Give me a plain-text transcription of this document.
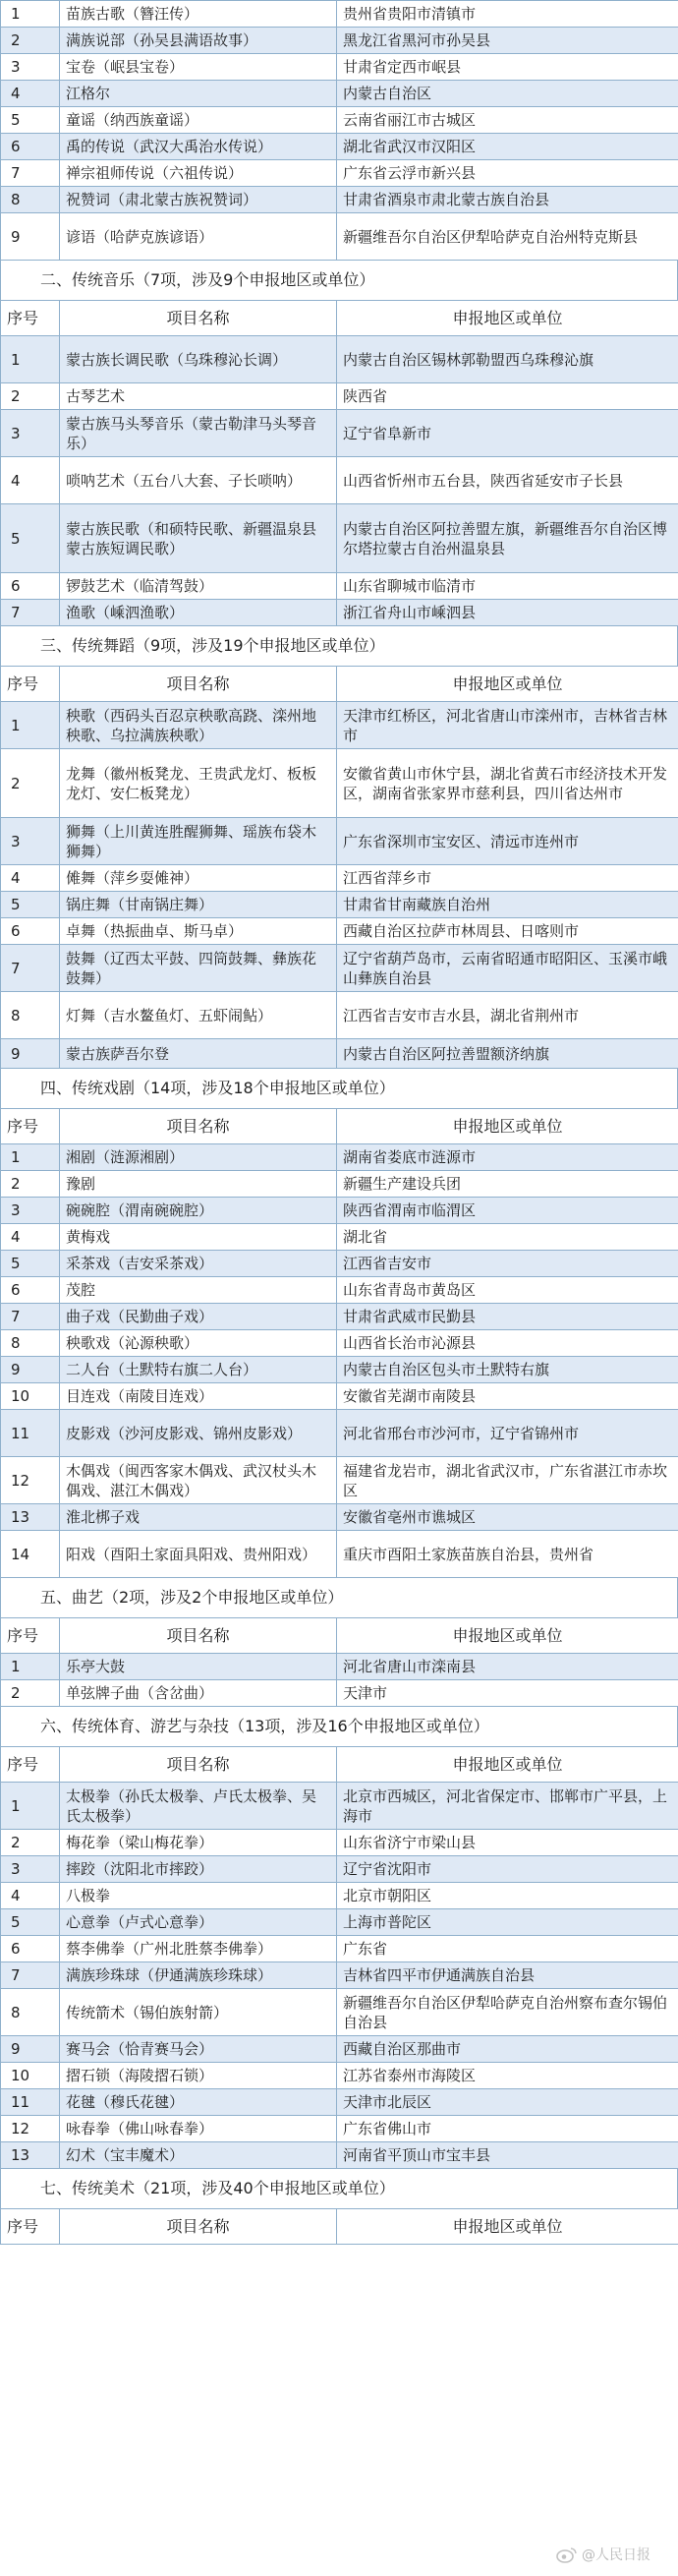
1	苗族古歌（簪汪传）	贵州省贵阳市清镇市
2	满族说部（孙吴县满语故事）	黑龙江省黑河市孙吴县
3	宝卷（岷县宝卷）	甘肃省定西市岷县
4	江格尔	内蒙古自治区
5	童谣（纳西族童谣）	云南省丽江市古城区
6	禹的传说（武汉大禹治水传说）	湖北省武汉市汉阳区
7	禅宗祖师传说（六祖传说）	广东省云浮市新兴县
8	祝赞词（肃北蒙古族祝赞词）	甘肃省酒泉市肃北蒙古族自治县
9	谚语（哈萨克族谚语）	新疆维吾尔自治区伊犁哈萨克自治州特克斯县
二、传统音乐（7项，涉及9个申报地区或单位）
序号	项目名称	申报地区或单位
1	蒙古族长调民歌（乌珠穆沁长调）	内蒙古自治区锡林郭勒盟西乌珠穆沁旗
2	古琴艺术	陕西省
3	蒙古族马头琴音乐（蒙古勒津马头琴音乐）	辽宁省阜新市
4	唢呐艺术（五台八大套、子长唢呐）	山西省忻州市五台县，陕西省延安市子长县
5	蒙古族民歌（和硕特民歌、新疆温泉县蒙古族短调民歌）	内蒙古自治区阿拉善盟左旗，新疆维吾尔自治区博尔塔拉蒙古自治州温泉县
6	锣鼓艺术（临清驾鼓）	山东省聊城市临清市
7	渔歌（嵊泗渔歌）	浙江省舟山市嵊泗县
三、传统舞蹈（9项，涉及19个申报地区或单位）
序号	项目名称	申报地区或单位
1	秧歌（西码头百忍京秧歌高跷、滦州地秧歌、乌拉满族秧歌）	天津市红桥区，河北省唐山市滦州市，吉林省吉林市
2	龙舞（徽州板凳龙、王贵武龙灯、板板龙灯、安仁板凳龙）	安徽省黄山市休宁县，湖北省黄石市经济技术开发区，湖南省张家界市慈利县，四川省达州市
3	狮舞（上川黄连胜醒狮舞、瑶族布袋木狮舞）	广东省深圳市宝安区、清远市连州市
4	傩舞（萍乡耍傩神）	江西省萍乡市
5	锅庄舞（甘南锅庄舞）	甘肃省甘南藏族自治州
6	卓舞（热振曲卓、斯马卓）	西藏自治区拉萨市林周县、日喀则市
7	鼓舞（辽西太平鼓、四筒鼓舞、彝族花鼓舞）	辽宁省葫芦岛市，云南省昭通市昭阳区、玉溪市峨山彝族自治县
8	灯舞（吉水鳌鱼灯、五虾闹鲇）	江西省吉安市吉水县，湖北省荆州市
9	蒙古族萨吾尔登	内蒙古自治区阿拉善盟额济纳旗
四、传统戏剧（14项，涉及18个申报地区或单位）
序号	项目名称	申报地区或单位
1	湘剧（涟源湘剧）	湖南省娄底市涟源市
2	豫剧	新疆生产建设兵团
3	碗碗腔（渭南碗碗腔）	陕西省渭南市临渭区
4	黄梅戏	湖北省
5	采茶戏（吉安采茶戏）	江西省吉安市
6	茂腔	山东省青岛市黄岛区
7	曲子戏（民勤曲子戏）	甘肃省武威市民勤县
8	秧歌戏（沁源秧歌）	山西省长治市沁源县
9	二人台（土默特右旗二人台）	内蒙古自治区包头市土默特右旗
10	目连戏（南陵目连戏）	安徽省芜湖市南陵县
11	皮影戏（沙河皮影戏、锦州皮影戏）	河北省邢台市沙河市，辽宁省锦州市
12	木偶戏（闽西客家木偶戏、武汉杖头木偶戏、湛江木偶戏）	福建省龙岩市，湖北省武汉市，广东省湛江市赤坎区
13	淮北梆子戏	安徽省亳州市谯城区
14	阳戏（酉阳土家面具阳戏、贵州阳戏）	重庆市酉阳土家族苗族自治县，贵州省
五、曲艺（2项，涉及2个申报地区或单位）
序号	项目名称	申报地区或单位
1	乐亭大鼓	河北省唐山市滦南县
2	单弦牌子曲（含岔曲）	天津市
六、传统体育、游艺与杂技（13项，涉及16个申报地区或单位）
序号	项目名称	申报地区或单位
1	太极拳（孙氏太极拳、卢氏太极拳、吴氏太极拳）	北京市西城区，河北省保定市、邯郸市广平县，上海市
2	梅花拳（梁山梅花拳）	山东省济宁市梁山县
3	摔跤（沈阳北市摔跤）	辽宁省沈阳市
4	八极拳	北京市朝阳区
5	心意拳（卢式心意拳）	上海市普陀区
6	蔡李佛拳（广州北胜蔡李佛拳）	广东省
7	满族珍珠球（伊通满族珍珠球）	吉林省四平市伊通满族自治县
8	传统箭术（锡伯族射箭）	新疆维吾尔自治区伊犁哈萨克自治州察布查尔锡伯自治县
9	赛马会（恰青赛马会）	西藏自治区那曲市
10	摺石锁（海陵摺石锁）	江苏省泰州市海陵区
11	花毽（穆氏花毽）	天津市北辰区
12	咏春拳（佛山咏春拳）	广东省佛山市
13	幻术（宝丰魔术）	河南省平顶山市宝丰县
七、传统美术（21项，涉及40个申报地区或单位）
序号	项目名称	申报地区或单位
@人民日报
